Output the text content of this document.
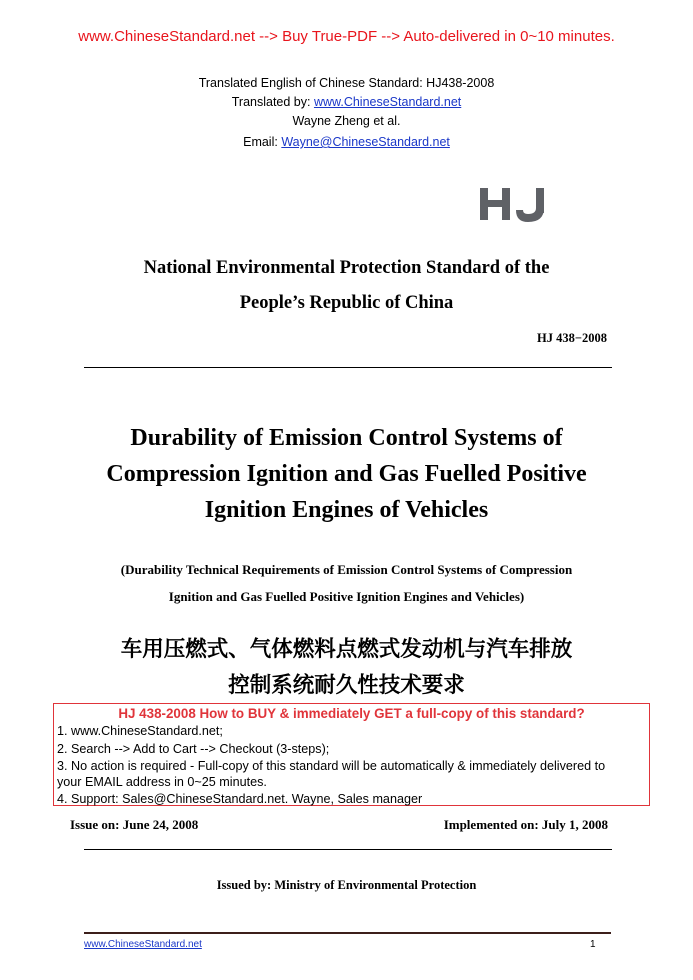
www.ChineseStandard.net --> Buy True-PDF --> Auto-delivered in 0~10 minutes.
Translated English of Chinese Standard: HJ438-2008
Translated by: www.ChineseStandard.net
Wayne Zheng et al.
Email: Wayne@ChineseStandard.net
National Environmental Protection Standard of the
People’s Republic of China
HJ 438−2008
Durability of Emission Control Systems of
Compression Ignition and Gas Fuelled Positive
Ignition Engines of Vehicles
(Durability Technical Requirements of Emission Control Systems of Compression
Ignition and Gas Fuelled Positive Ignition Engines and Vehicles)
车用压燃式、气体燃料点燃式发动机与汽车排放
控制系统耐久性技术要求
HJ 438-2008 How to BUY & immediately GET a full-copy of this standard?
1. www.ChineseStandard.net;
2. Search --> Add to Cart --> Checkout (3-steps);
3. No action is required - Full-copy of this standard will be automatically & immediately delivered to
your EMAIL address in 0~25 minutes.
4. Support: Sales@ChineseStandard.net. Wayne, Sales manager
Issue on: June 24, 2008	Implemented on: July 1, 2008
Issued by: Ministry of Environmental Protection
www.ChineseStandard.net	1
